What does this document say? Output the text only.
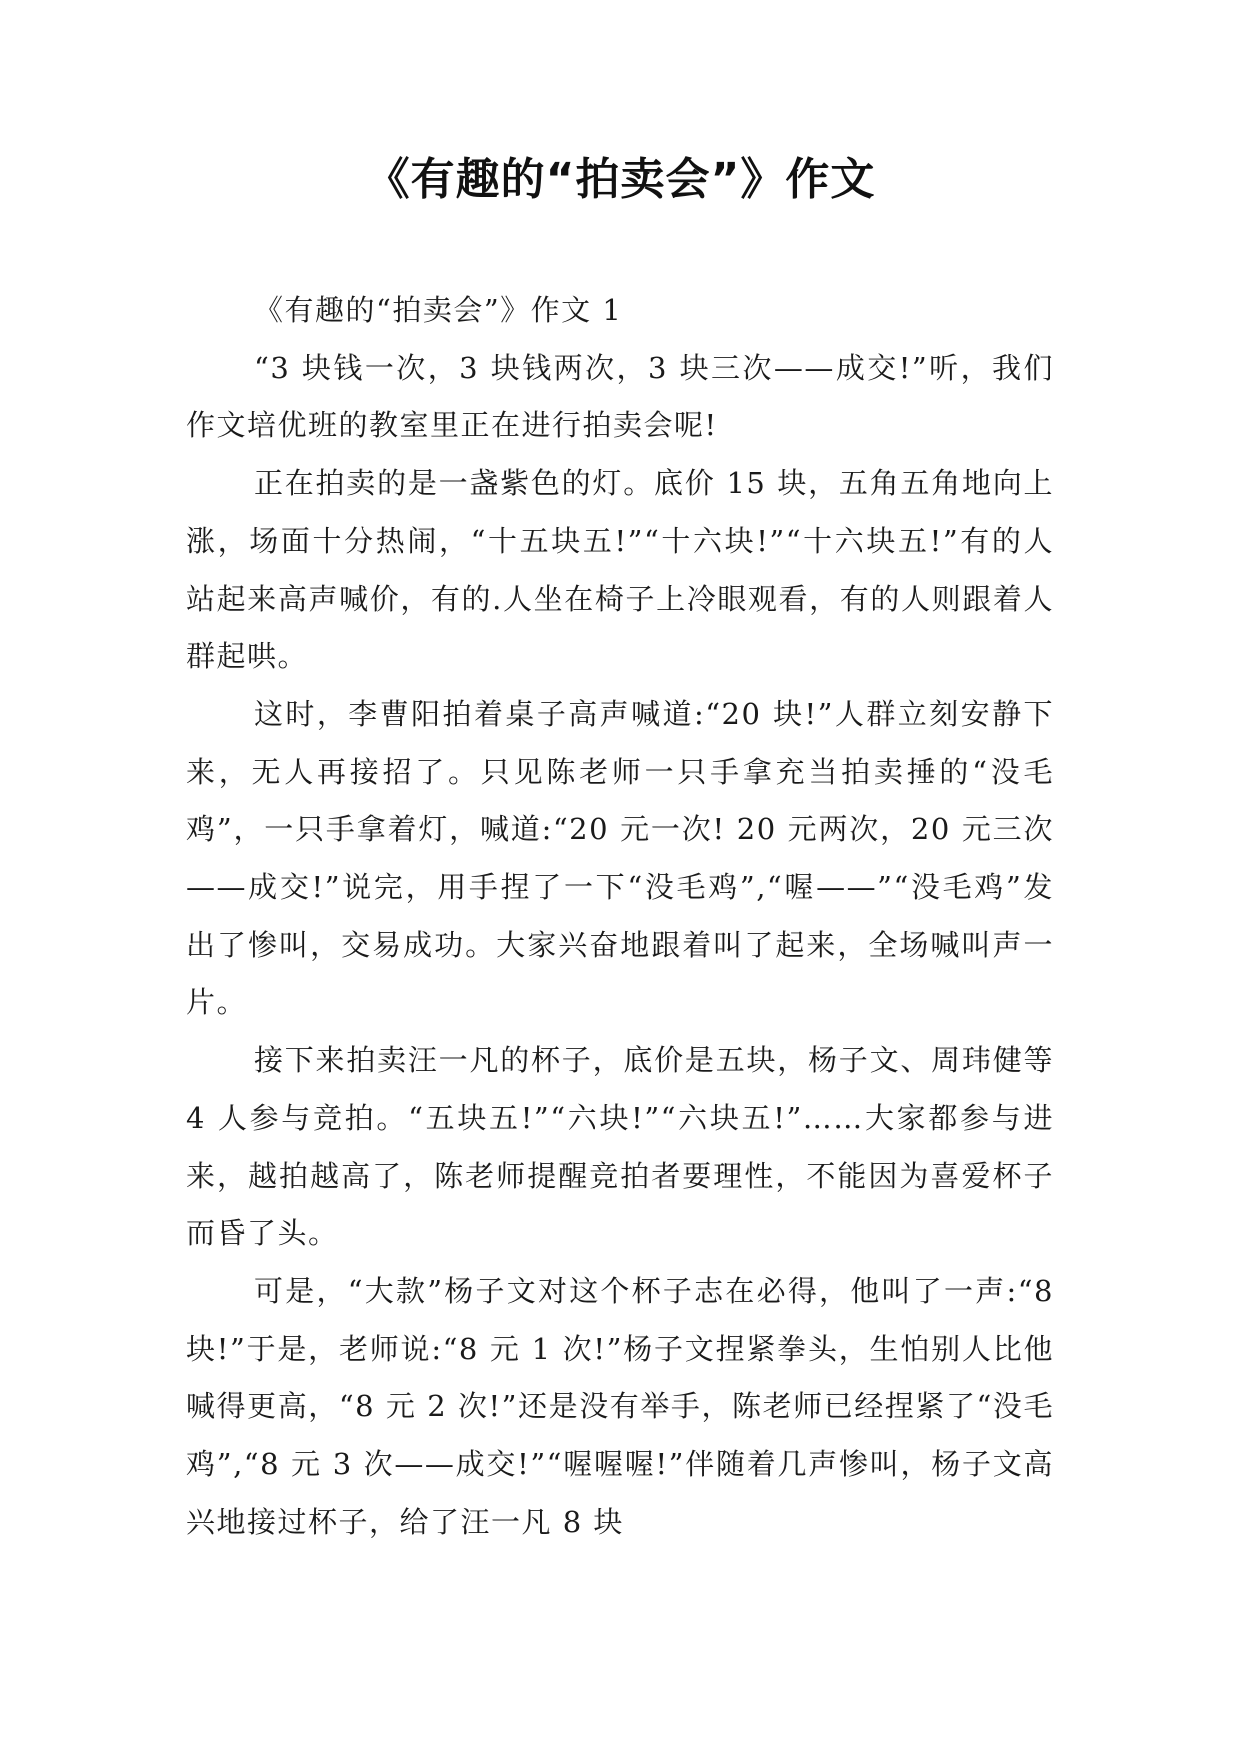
《有趣的“拍卖会”》作文

《有趣的“拍卖会”》作文 1

“3 块钱一次，3 块钱两次，3 块三次——成交!”听，我们作文培优班的教室里正在进行拍卖会呢!

正在拍卖的是一盏紫色的灯。底价 15 块，五角五角地向上涨，场面十分热闹，“十五块五!”“十六块!”“十六块五!”有的人站起来高声喊价，有的.人坐在椅子上冷眼观看，有的人则跟着人群起哄。

这时，李曹阳拍着桌子高声喊道:“20 块!”人群立刻安静下来，无人再接招了。只见陈老师一只手拿充当拍卖捶的“没毛鸡”，一只手拿着灯，喊道:“20 元一次! 20 元两次，20 元三次——成交!”说完，用手捏了一下“没毛鸡”,“喔——”“没毛鸡”发出了惨叫，交易成功。大家兴奋地跟着叫了起来，全场喊叫声一片。

接下来拍卖汪一凡的杯子，底价是五块，杨子文、周玮健等 4 人参与竞拍。“五块五!”“六块!”“六块五!”……大家都参与进来，越拍越高了，陈老师提醒竞拍者要理性，不能因为喜爱杯子而昏了头。

可是，“大款”杨子文对这个杯子志在必得，他叫了一声:“8 块!”于是，老师说:“8 元 1 次!”杨子文捏紧拳头，生怕别人比他喊得更高，“8 元 2 次!”还是没有举手，陈老师已经捏紧了“没毛鸡”,“8 元 3 次——成交!”“喔喔喔!”伴随着几声惨叫，杨子文高兴地接过杯子，给了汪一凡 8 块
